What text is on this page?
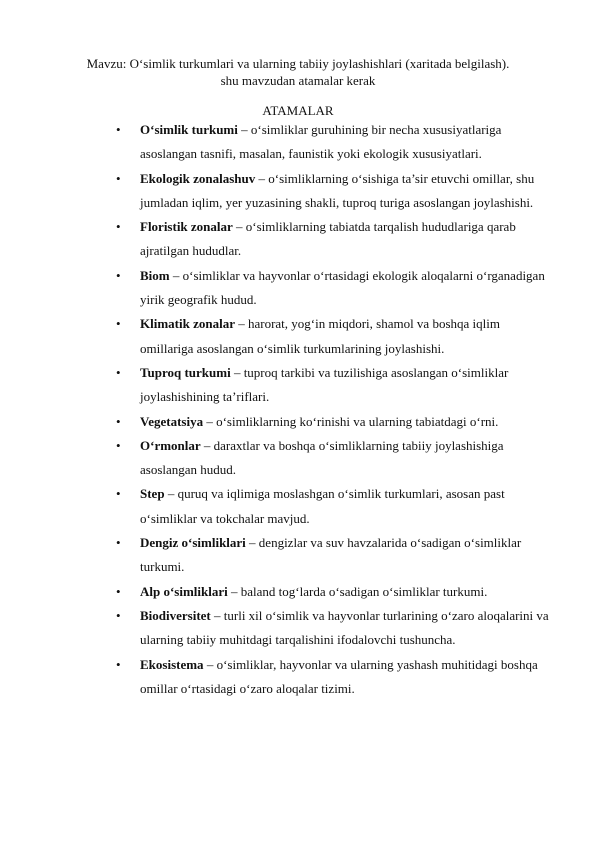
Mavzu: O‘simlik turkumlari va ularning tabiiy joylashishlari (xaritada belgilash).
shu mavzudan atamalar kerak

ATAMALAR

• O‘simlik turkumi – o‘simliklar guruhining bir necha xususiyatlariga asoslangan tasnifi, masalan, faunistik yoki ekologik xususiyatlari.
• Ekologik zonalashuv – o‘simliklarning o‘sishiga ta’sir etuvchi omillar, shu jumladan iqlim, yer yuzasining shakli, tuproq turiga asoslangan joylashishi.
• Floristik zonalar – o‘simliklarning tabiatda tarqalish hududlariga qarab ajratilgan hududlar.
• Biom – o‘simliklar va hayvonlar o‘rtasidagi ekologik aloqalarni o‘rganadigan yirik geografik hudud.
• Klimatik zonalar – harorat, yog‘in miqdori, shamol va boshqa iqlim omillariga asoslangan o‘simlik turkumlarining joylashishi.
• Tuproq turkumi – tuproq tarkibi va tuzilishiga asoslangan o‘simliklar joylashishining ta’riflari.
• Vegetatsiya – o‘simliklarning ko‘rinishi va ularning tabiatdagi o‘rni.
• O‘rmonlar – daraxtlar va boshqa o‘simliklarning tabiiy joylashishiga asoslangan hudud.
• Step – quruq va iqlimiga moslashgan o‘simlik turkumlari, asosan past o‘simliklar va tokchalar mavjud.
• Dengiz o‘simliklari – dengizlar va suv havzalarida o‘sadigan o‘simliklar turkumi.
• Alp o‘simliklari – baland tog‘larda o‘sadigan o‘simliklar turkumi.
• Biodiversitet – turli xil o‘simlik va hayvonlar turlarining o‘zaro aloqalarini va ularning tabiiy muhitdagi tarqalishini ifodalovchi tushuncha.
• Ekosistema – o‘simliklar, hayvonlar va ularning yashash muhitidagi boshqa omillar o‘rtasidagi o‘zaro aloqalar tizimi.
